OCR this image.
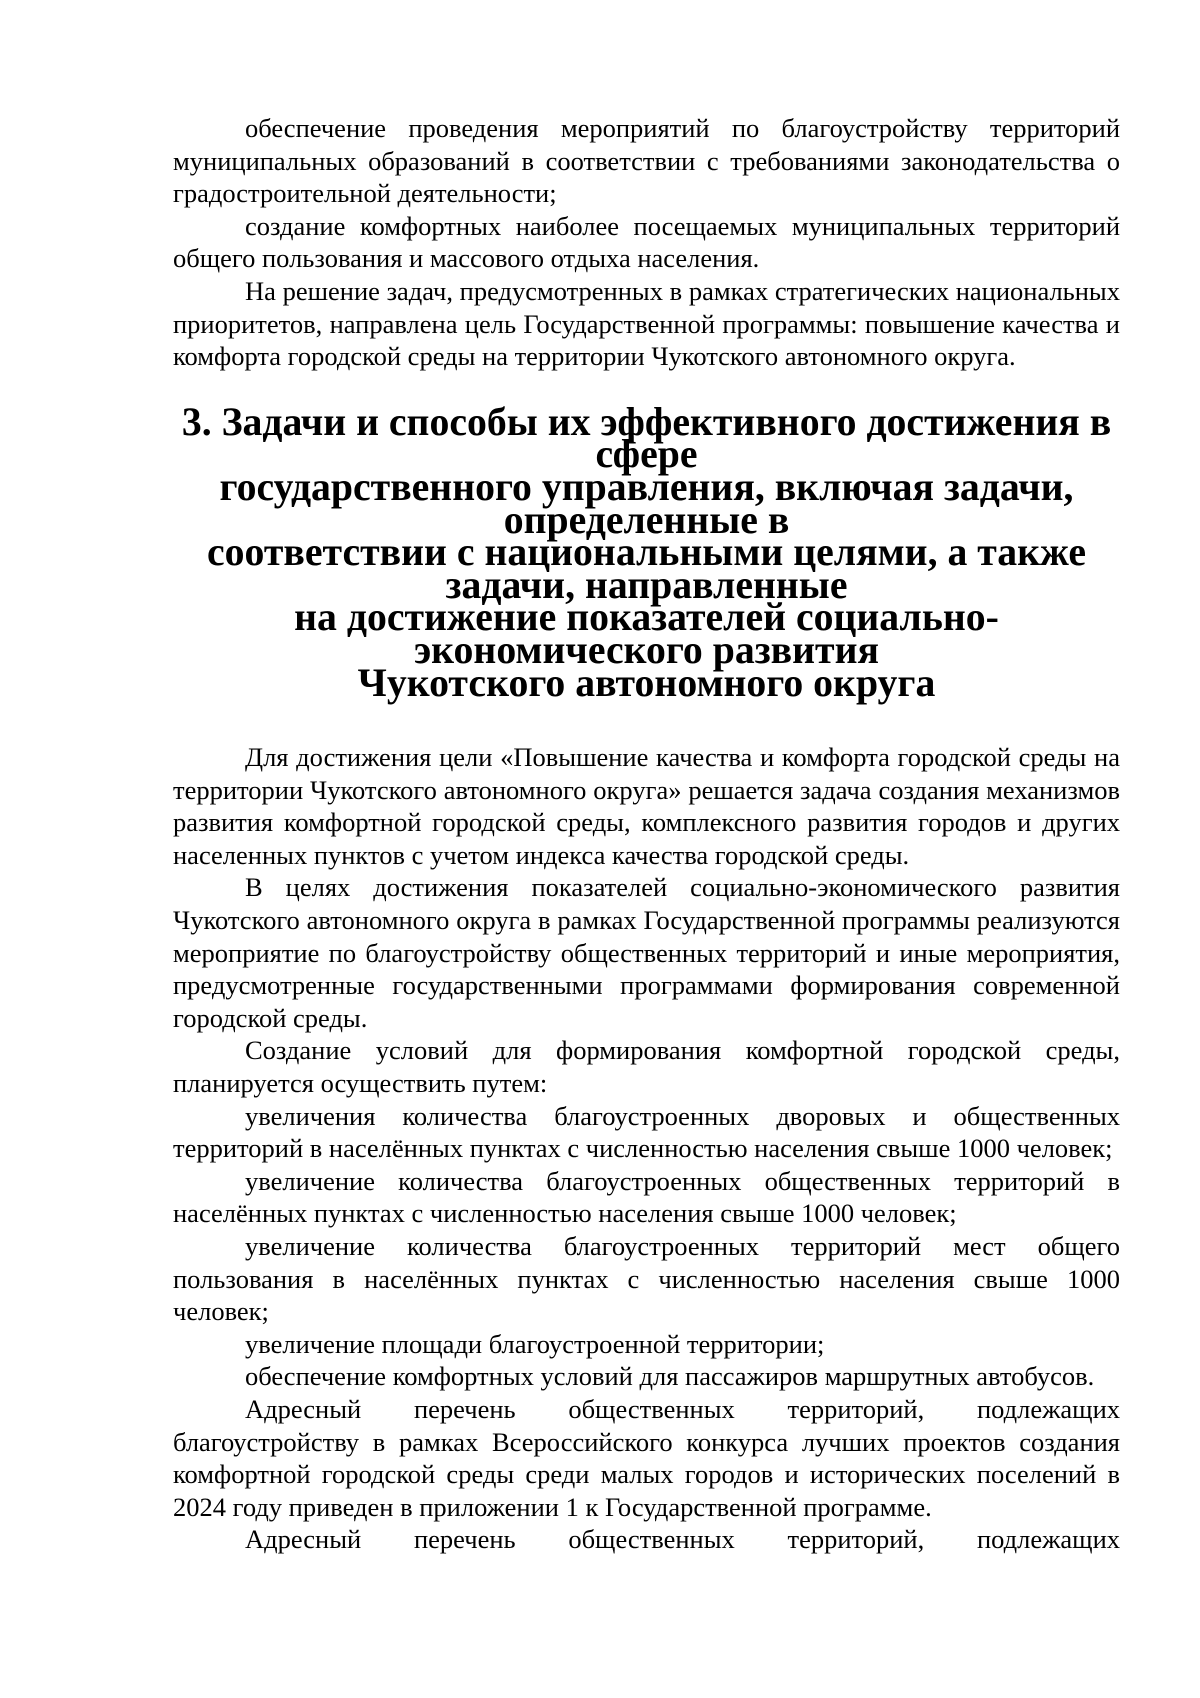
обеспечение проведения мероприятий по благоустройству территорий муниципальных образований в соответствии с требованиями законодательства о градостроительной деятельности;

создание комфортных наиболее посещаемых муниципальных территорий общего пользования и массового отдыха населения.

На решение задач, предусмотренных в рамках стратегических национальных приоритетов, направлена цель Государственной программы: повышение качества и комфорта городской среды на территории Чукотского автономного округа.

3. Задачи и способы их эффективного достижения в сфере
государственного управления, включая задачи, определенные в
соответствии с национальными целями, а также задачи, направленные
на достижение показателей социально-экономического развития
Чукотского автономного округа

Для достижения цели «Повышение качества и комфорта городской среды на территории Чукотского автономного округа» решается задача создания механизмов развития комфортной городской среды, комплексного развития городов и других населенных пунктов с учетом индекса качества городской среды.

В целях достижения показателей социально-экономического развития Чукотского автономного округа в рамках Государственной программы реализуются мероприятие по благоустройству общественных территорий и иные мероприятия, предусмотренные государственными программами формирования современной городской среды.

Создание условий для формирования комфортной городской среды, планируется осуществить путем:

увеличения количества благоустроенных дворовых и общественных территорий в населённых пунктах с численностью населения свыше 1000 человек;

увеличение количества благоустроенных общественных территорий в населённых пунктах с численностью населения свыше 1000 человек;

увеличение количества благоустроенных территорий мест общего пользования в населённых пунктах с численностью населения свыше 1000 человек;

увеличение площади благоустроенной территории;

обеспечение комфортных условий для пассажиров маршрутных автобусов.

Адресный перечень общественных территорий, подлежащих благоустройству в рамках Всероссийского конкурса лучших проектов создания комфортной городской среды среди малых городов и исторических поселений в 2024 году приведен в приложении 1 к Государственной программе.

Адресный перечень общественных территорий, подлежащих
